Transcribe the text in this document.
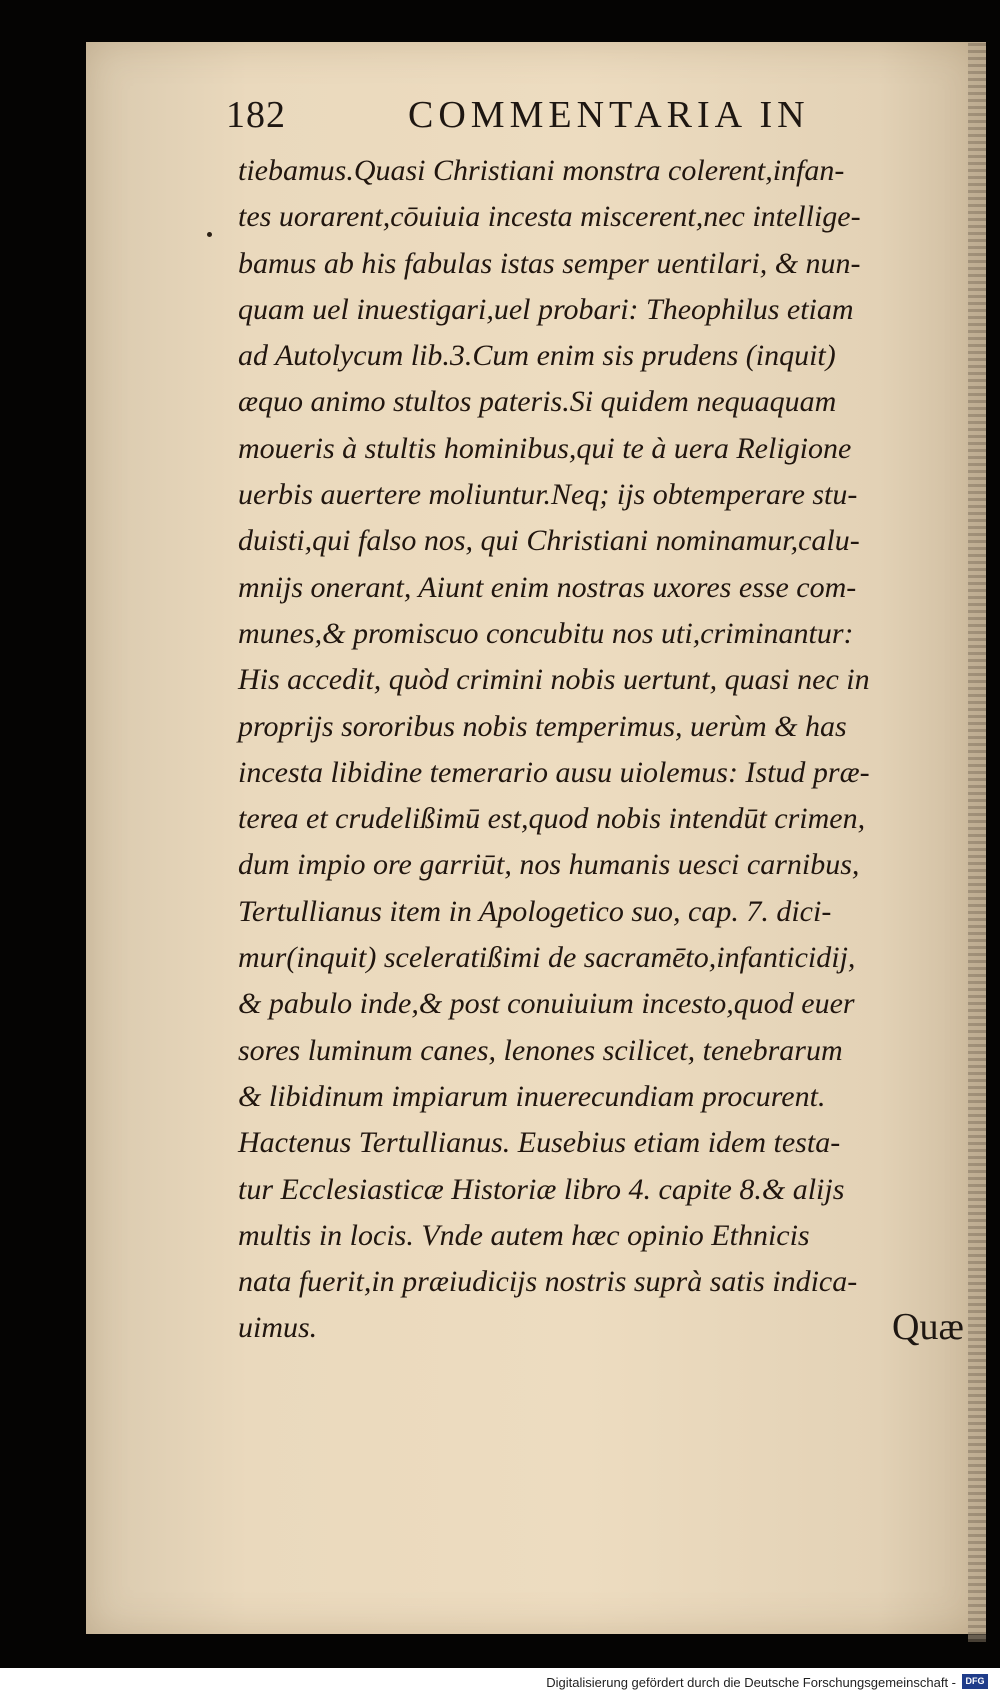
182	COMMENTARIA IN
tiebamus.Quasi Christiani monstra colerent,infan-
tes uorarent,cōuiuia incesta miscerent,nec intellige-
bamus ab his fabulas istas semper uentilari, & nun-
quam uel inuestigari,uel probari: Theophilus etiam
ad Autolycum lib.3.Cum enim sis prudens (inquit)
æquo animo stultos pateris.Si quidem nequaquam
moueris à stultis hominibus,qui te à uera Religione
uerbis auertere moliuntur.Neq; ijs obtemperare stu-
duisti,qui falso nos, qui Christiani nominamur,calu-
mnijs onerant, Aiunt enim nostras uxores esse com-
munes,& promiscuo concubitu nos uti,criminantur:
His accedit, quòd crimini nobis uertunt, quasi nec in
proprijs sororibus nobis temperimus, uerùm & has
incesta libidine temerario ausu uiolemus: Istud præ-
terea et crudelißimū est,quod nobis intendūt crimen,
dum impio ore garriūt, nos humanis uesci carnibus,
Tertullianus item in Apologetico suo, cap. 7. dici-
mur(inquit) sceleratißimi de sacramēto,infanticidij,
& pabulo inde,& post conuiuium incesto,quod euer
sores luminum canes, lenones scilicet, tenebrarum
& libidinum impiarum inuerecundiam procurent.
Hactenus Tertullianus. Eusebius etiam idem testa-
tur Ecclesiasticæ Historiæ libro 4. capite 8.& alijs
multis in locis. Vnde autem hæc opinio Ethnicis
nata fuerit,in præiudicijs nostris suprà satis indica-
uimus.	Quæ
Digitalisierung gefördert durch die Deutsche Forschungsgemeinschaft -	DFG
